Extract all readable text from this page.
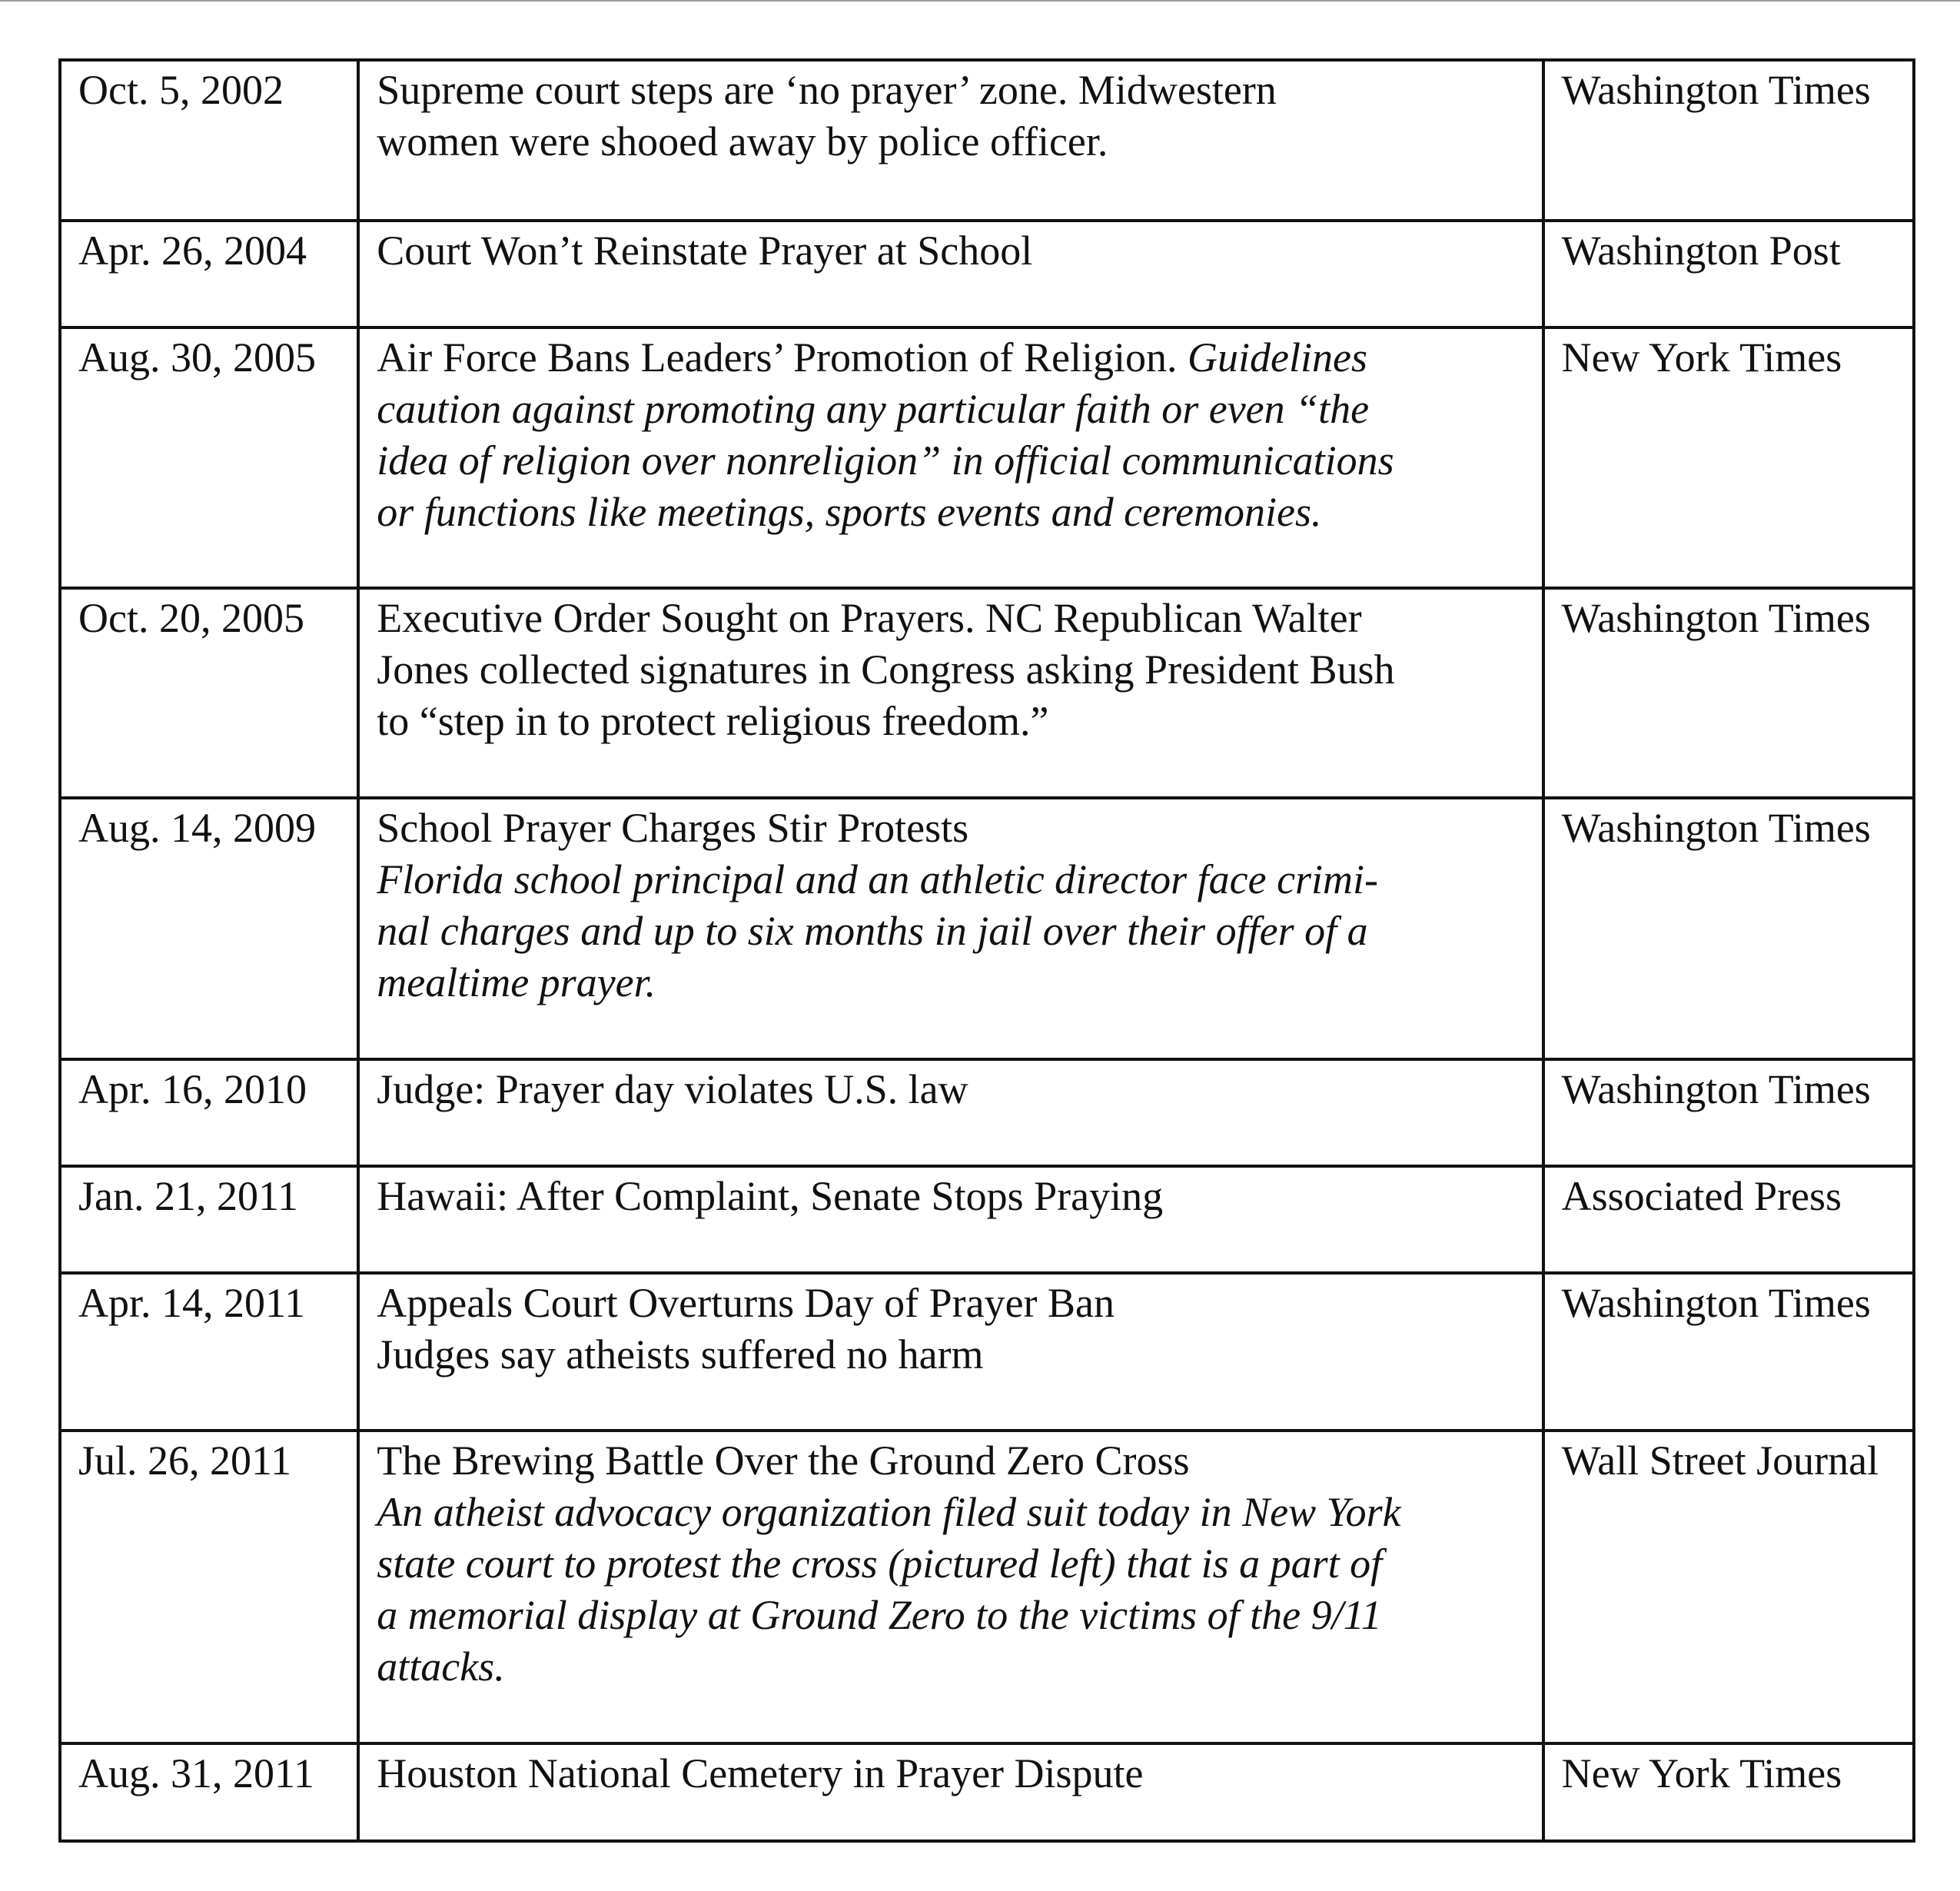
Oct. 5, 2002	Supreme court steps are ‘no prayer’ zone. Midwestern
women were shooed away by police officer.	Washington Times
Apr. 26, 2004	Court Won’t Reinstate Prayer at School	Washington Post
Aug. 30, 2005	Air Force Bans Leaders’ Promotion of Religion. Guidelines
caution against promoting any particular faith or even “the
idea of religion over nonreligion” in official communications
or functions like meetings, sports events and ceremonies.	New York Times
Oct. 20, 2005	Executive Order Sought on Prayers. NC Republican Walter
Jones collected signatures in Congress asking President Bush
to “step in to protect religious freedom.”	Washington Times
Aug. 14, 2009	School Prayer Charges Stir Protests
Florida school principal and an athletic director face crimi-
nal charges and up to six months in jail over their offer of a
mealtime prayer.	Washington Times
Apr. 16, 2010	Judge: Prayer day violates U.S. law	Washington Times
Jan. 21, 2011	Hawaii: After Complaint, Senate Stops Praying	Associated Press
Apr. 14, 2011	Appeals Court Overturns Day of Prayer Ban
Judges say atheists suffered no harm	Washington Times
Jul. 26, 2011	The Brewing Battle Over the Ground Zero Cross
An atheist advocacy organization filed suit today in New York
state court to protest the cross (pictured left) that is a part of
a memorial display at Ground Zero to the victims of the 9/11
attacks.	Wall Street Journal
Aug. 31, 2011	Houston National Cemetery in Prayer Dispute	New York Times
